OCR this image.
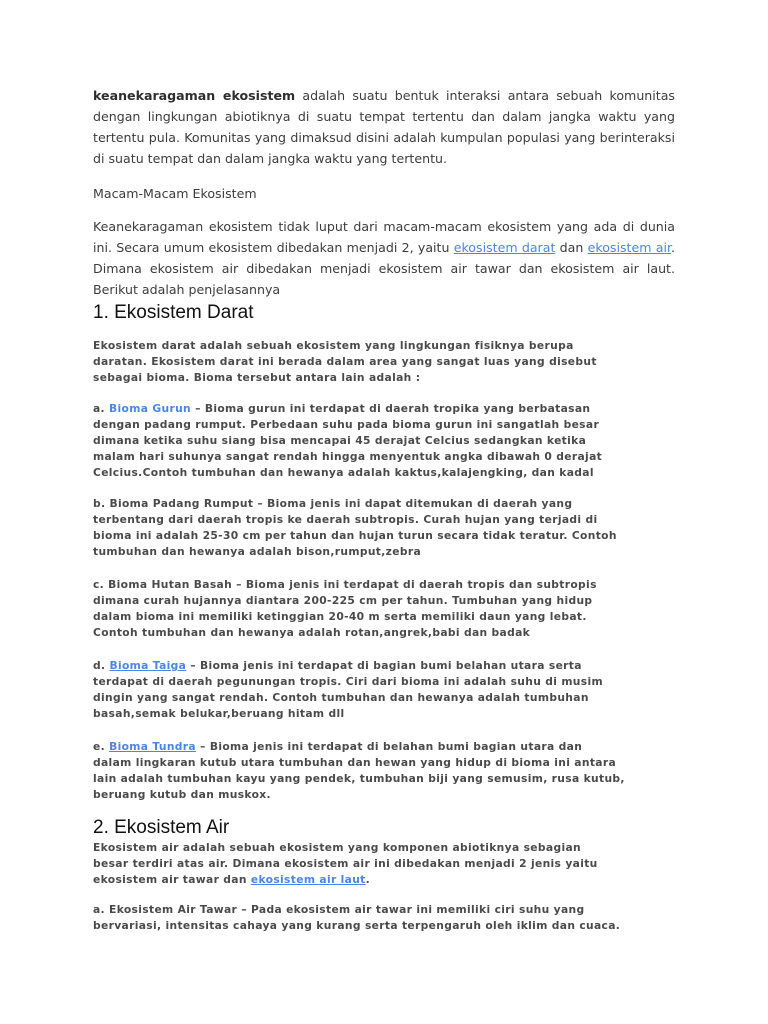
keanekaragaman ekosistem adalah suatu bentuk interaksi antara sebuah komunitas dengan lingkungan abiotiknya di suatu tempat tertentu dan dalam jangka waktu yang tertentu pula. Komunitas yang dimaksud disini adalah kumpulan populasi yang berinteraksi di suatu tempat dan dalam jangka waktu yang tertentu.

Macam-Macam Ekosistem

Keanekaragaman ekosistem tidak luput dari macam-macam ekosistem yang ada di dunia ini. Secara umum ekosistem dibedakan menjadi 2, yaitu ekosistem darat dan ekosistem air. Dimana ekosistem air dibedakan menjadi ekosistem air tawar dan ekosistem air laut. Berikut adalah penjelasannya

1. Ekosistem Darat
Ekosistem darat adalah sebuah ekosistem yang lingkungan fisiknya berupa
daratan. Ekosistem darat ini berada dalam area yang sangat luas yang disebut
sebagai bioma. Bioma tersebut antara lain adalah :
a. Bioma Gurun – Bioma gurun ini terdapat di daerah tropika yang berbatasan
dengan padang rumput. Perbedaan suhu pada bioma gurun ini sangatlah besar
dimana ketika suhu siang bisa mencapai 45 derajat Celcius sedangkan ketika
malam hari suhunya sangat rendah hingga menyentuk angka dibawah 0 derajat
Celcius.Contoh tumbuhan dan hewanya adalah kaktus,kalajengking, dan kadal
b. Bioma Padang Rumput – Bioma jenis ini dapat ditemukan di daerah yang
terbentang dari daerah tropis ke daerah subtropis. Curah hujan yang terjadi di
bioma ini adalah 25-30 cm per tahun dan hujan turun secara tidak teratur. Contoh
tumbuhan dan hewanya adalah bison,rumput,zebra
c. Bioma Hutan Basah – Bioma jenis ini terdapat di daerah tropis dan subtropis
dimana curah hujannya diantara 200-225 cm per tahun. Tumbuhan yang hidup
dalam bioma ini memiliki ketinggian 20-40 m serta memiliki daun yang lebat.
Contoh tumbuhan dan hewanya adalah rotan,angrek,babi dan badak
d. Bioma Taiga – Bioma jenis ini terdapat di bagian bumi belahan utara serta
terdapat di daerah pegunungan tropis. Ciri dari bioma ini adalah suhu di musim
dingin yang sangat rendah. Contoh tumbuhan dan hewanya adalah tumbuhan
basah,semak belukar,beruang hitam dll
e. Bioma Tundra – Bioma jenis ini terdapat di belahan bumi bagian utara dan
dalam lingkaran kutub utara tumbuhan dan hewan yang hidup di bioma ini antara
lain adalah tumbuhan kayu yang pendek, tumbuhan biji yang semusim, rusa kutub,
beruang kutub dan muskox.
2. Ekosistem Air
Ekosistem air adalah sebuah ekosistem yang komponen abiotiknya sebagian
besar terdiri atas air. Dimana ekosistem air ini dibedakan menjadi 2 jenis yaitu
ekosistem air tawar dan ekosistem air laut.
a. Ekosistem Air Tawar – Pada ekosistem air tawar ini memiliki ciri suhu yang
bervariasi, intensitas cahaya yang kurang serta terpengaruh oleh iklim dan cuaca.
